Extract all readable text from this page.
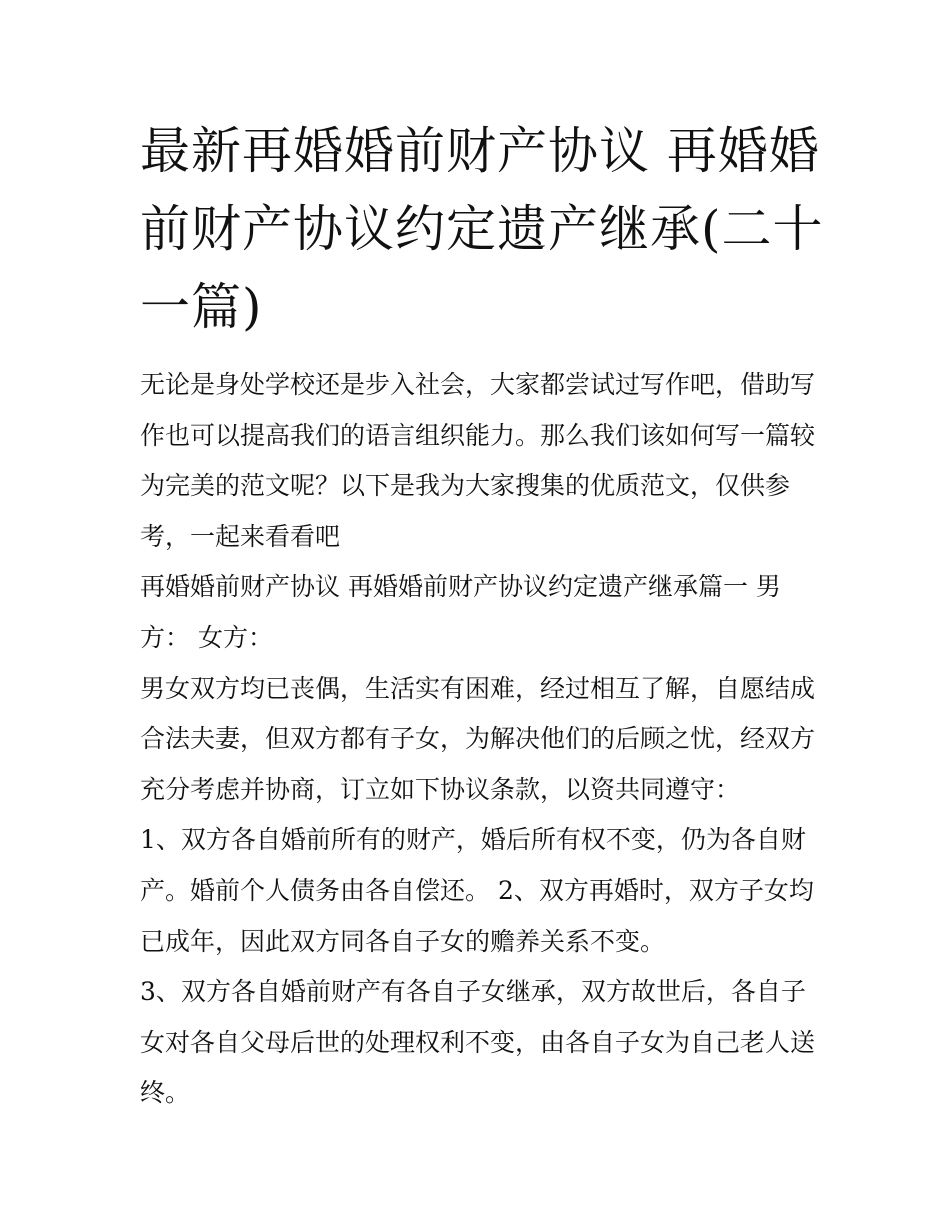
最新再婚婚前财产协议 再婚婚
前财产协议约定遗产继承(二十
一篇)
无论是身处学校还是步入社会，大家都尝试过写作吧，借助写
作也可以提高我们的语言组织能力。那么我们该如何写一篇较
为完美的范文呢？以下是我为大家搜集的优质范文，仅供参
考，一起来看看吧
再婚婚前财产协议 再婚婚前财产协议约定遗产继承篇一 男
方： 女方：
男女双方均已丧偶，生活实有困难，经过相互了解，自愿结成
合法夫妻，但双方都有子女，为解决他们的后顾之忧，经双方
充分考虑并协商，订立如下协议条款，以资共同遵守：
1、双方各自婚前所有的财产，婚后所有权不变，仍为各自财
产。婚前个人债务由各自偿还。 2、双方再婚时，双方子女均
已成年，因此双方同各自子女的赡养关系不变。
3、双方各自婚前财产有各自子女继承，双方故世后，各自子
女对各自父母后世的处理权利不变，由各自子女为自己老人送
终。
